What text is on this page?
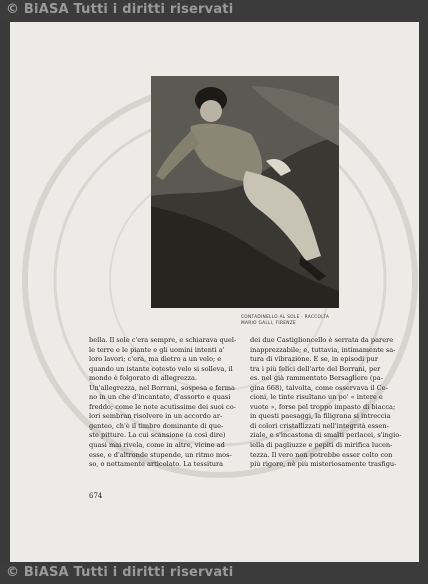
© BiASA Tutti i diritti riservati
CONTADINELLO AL SOLE · RACCOLTA
MARIO GALLI, FIRENZE
bella. Il sole c'era sempre, e schiarava quel-
le terre e le piante e gli uomini intenti a'
loro lavori; c'era, ma dietro a un velo; e
quando un istante cotesto velo si solleva, il
mondo è folgorato di allegrezza.
Un'allegrezza, nel Borrani, sospesa e ferma
no in un che d'incantato, d'assorto e quasi
freddo; come le note acutissime dei suoi co-
lori sembran risolvere in un accordo ar-
genteo, ch'è il timbro dominante di que-
ste pitture. La cui scansione (a così dire)
quasi mai rivela, come in altre, vicine ad
esse, e d'altronde stupende, un ritmo mos-
so, o nettamente articolato. La tessitura
dei due Castiglioncello è serrata da parere
inapprezzabile; e, tuttavia, intimamente sa-
tura di vibrazione. E se, in episodi pur
tra i più felici dell'arte del Borrani, per
es. nel già rammentato Bersagliere (pa-
gina 668), talvolta, come osservava il Ce-
cioni, le tinte risultano un po' « intere e
vuote », forse pel troppo impasto di biacca;
in questi paesaggi, la filigrana si intreccia
di colori cristallizzati nell'integrità essen-
ziale, e s'incastona di smalti perlacei, s'ingio-
iella di pagliuzze e pepiti di mirifica lucen-
tezza. Il vero non potrebbe esser colto con
più rigore, nè più misteriosamente trasfigu-
674
© BiASA Tutti i diritti riservati
